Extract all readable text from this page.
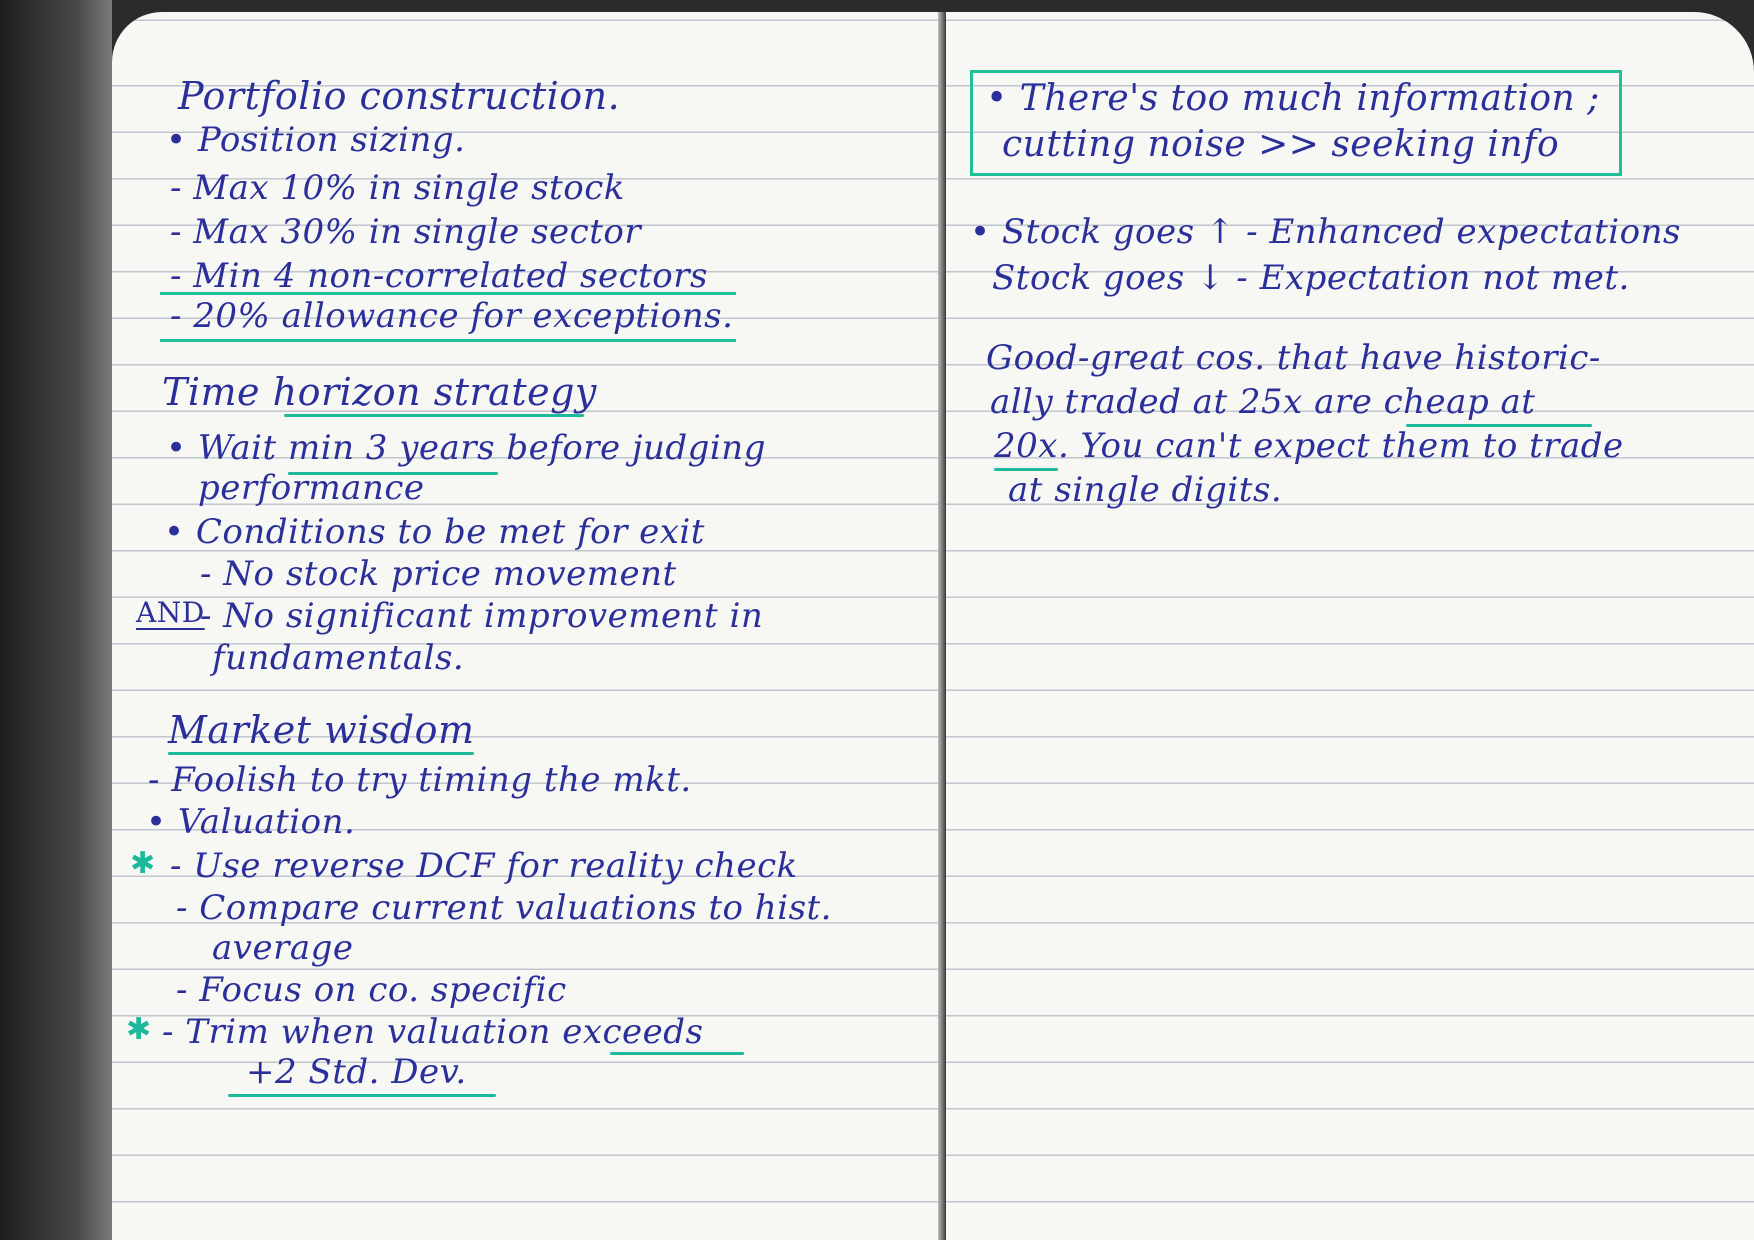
Portfolio construction.

• Position sizing.

- Max 10% in single stock

- Max 30% in single sector

- Min 4 non-correlated sectors

- 20% allowance for exceptions.

Time horizon strategy

• Wait min 3 years before judging

performance

• Conditions to be met for exit

- No stock price movement

AND

- No significant improvement in

fundamentals.

Market wisdom

- Foolish to try timing the mkt.

• Valuation.

✱ - Use reverse DCF for reality check

- Compare current valuations to hist.

average

- Focus on co. specific

✱ - Trim when valuation exceeds

+2 Std. Dev.

• There's too much information ;

cutting noise >> seeking info

• Stock goes ↑ - Enhanced expectations

Stock goes ↓ - Expectation not met.

Good-great cos. that have historic-

ally traded at 25x are cheap at

20x. You can't expect them to trade

at single digits.
